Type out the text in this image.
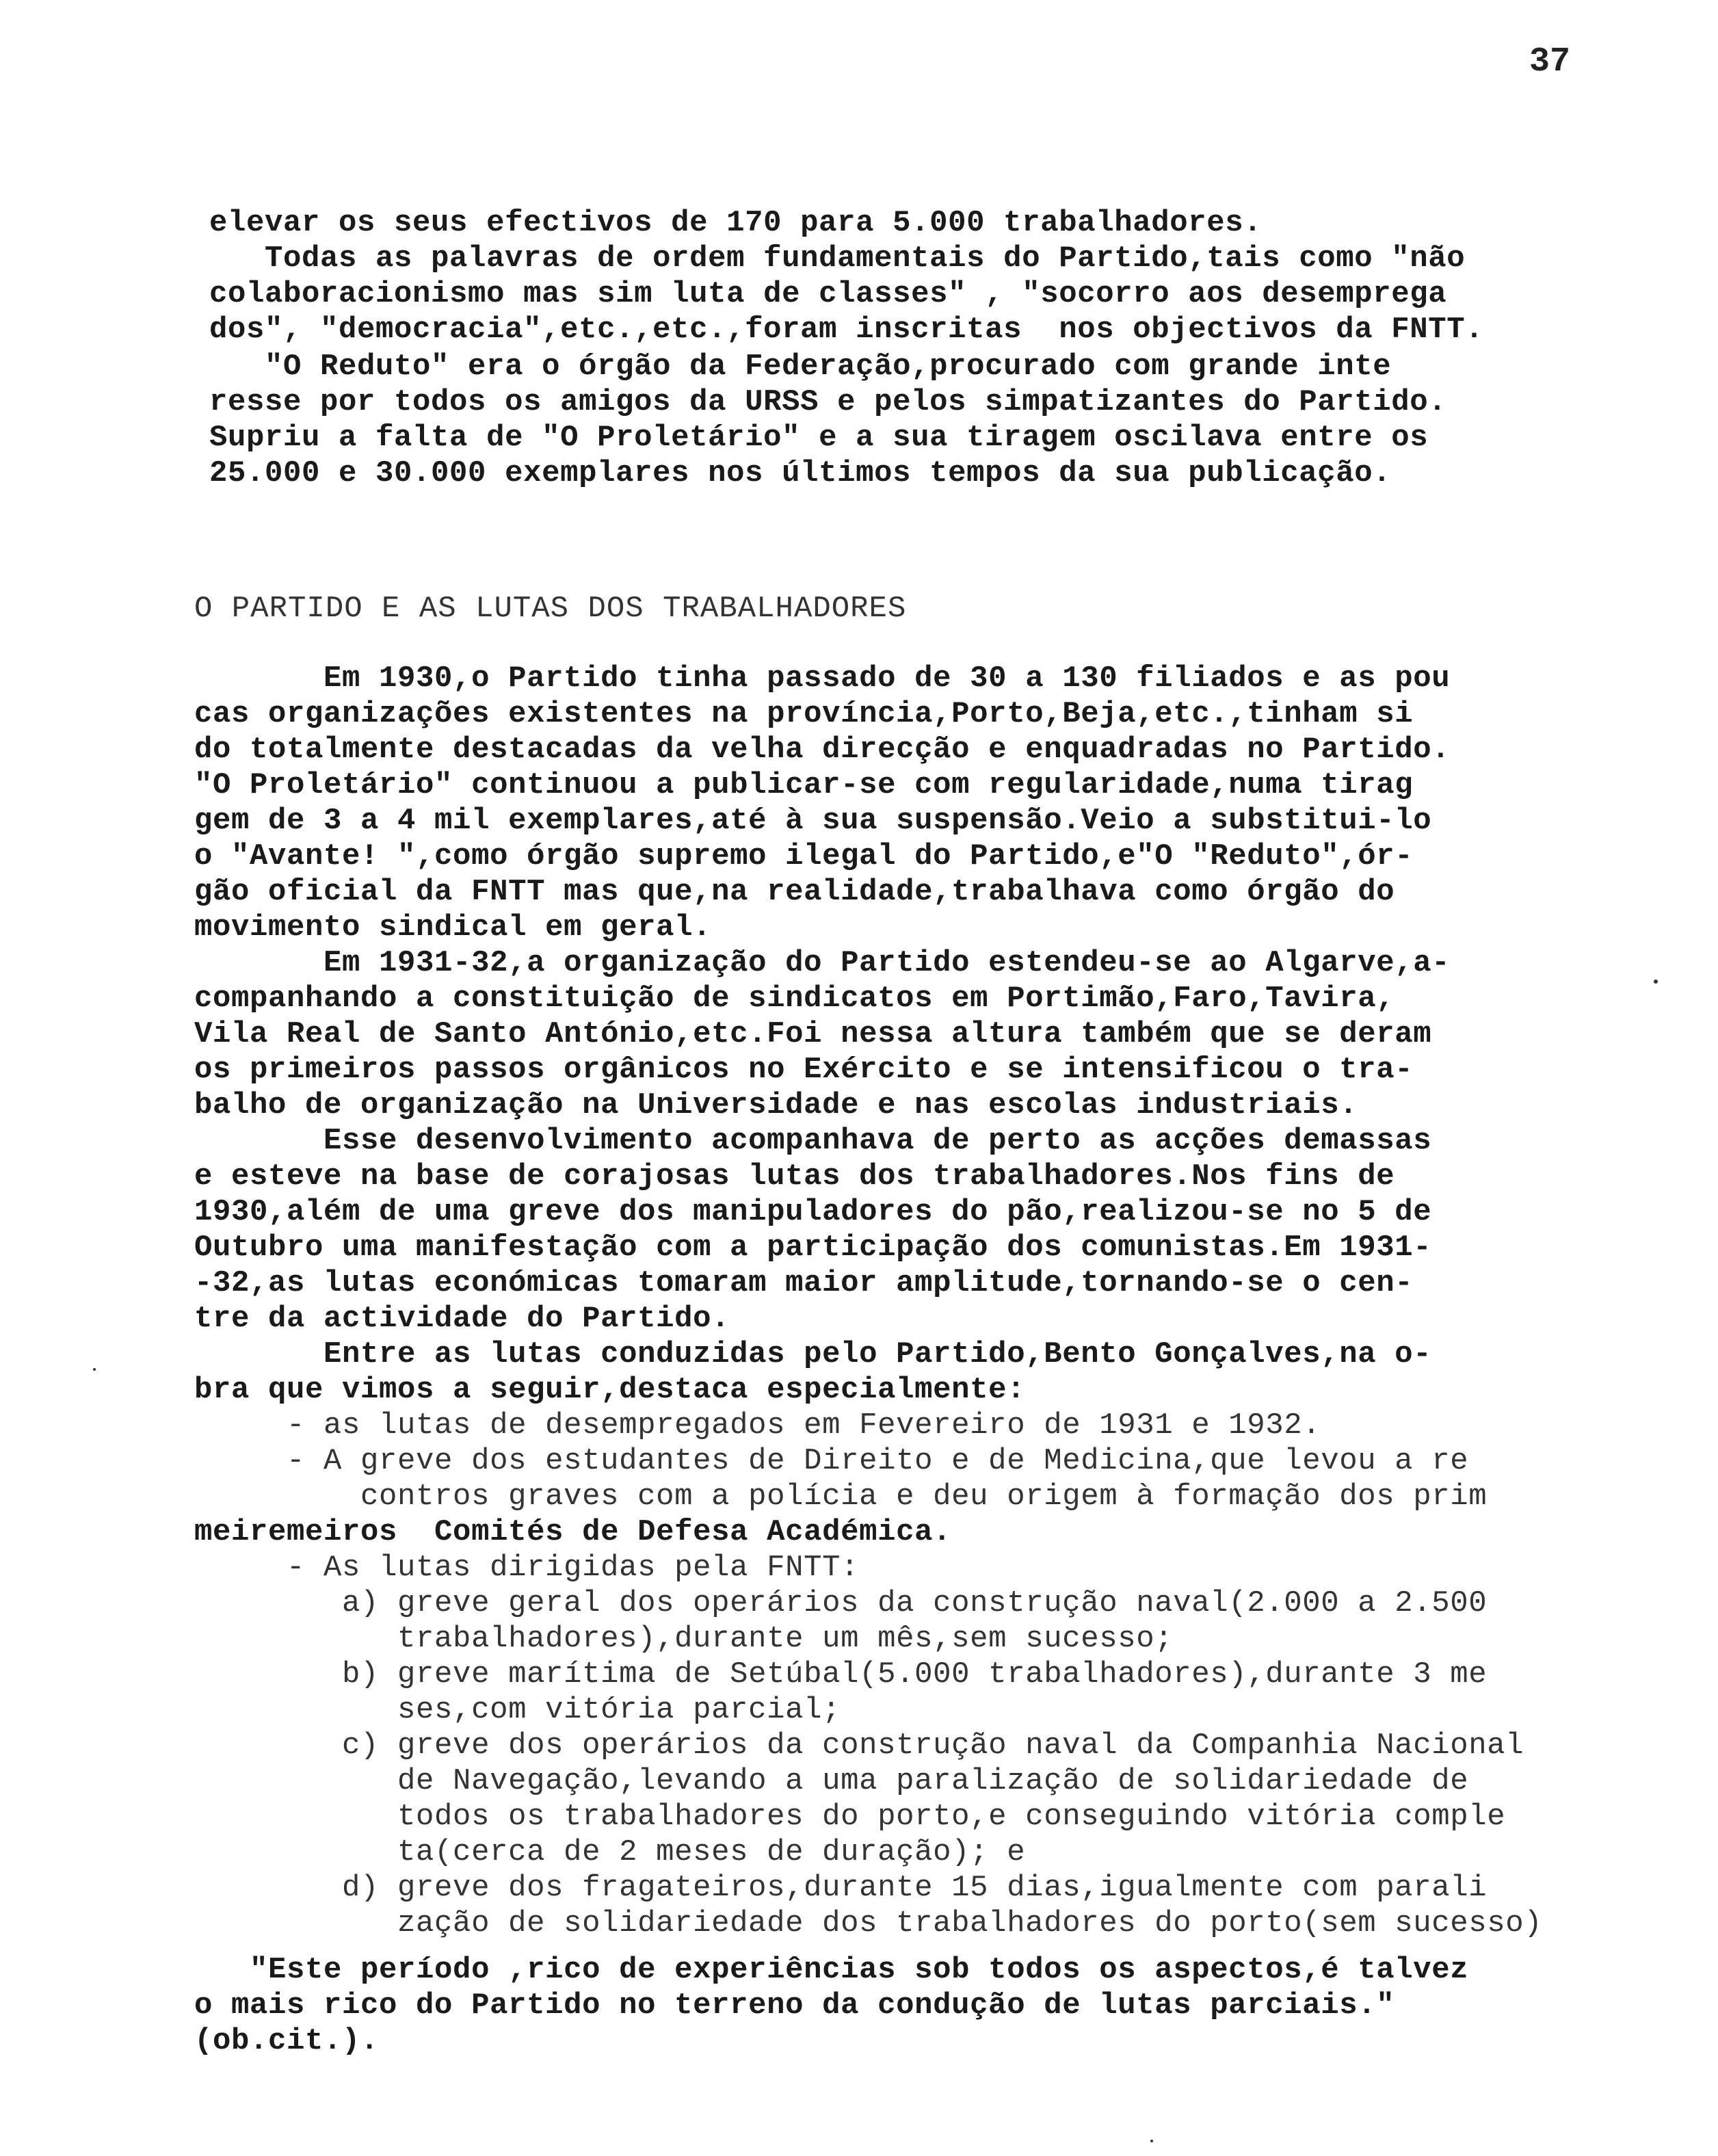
37
elevar os seus efectivos de 170 para 5.000 trabalhadores.
Todas as palavras de ordem fundamentais do Partido,tais como "não
colaboracionismo mas sim luta de classes" , "socorro aos desemprega
dos", "democracia",etc.,etc.,foram inscritas  nos objectivos da FNTT.
"O Reduto" era o órgão da Federação,procurado com grande inte
resse por todos os amigos da URSS e pelos simpatizantes do Partido.
Supriu a falta de "O Proletário" e a sua tiragem oscilava entre os
25.000 e 30.000 exemplares nos últimos tempos da sua publicação.
O PARTIDO E AS LUTAS DOS TRABALHADORES
Em 1930,o Partido tinha passado de 30 a 130 filiados e as pou
cas organizações existentes na província,Porto,Beja,etc.,tinham si
do totalmente destacadas da velha direcção e enquadradas no Partido.
"O Proletário" continuou a publicar-se com regularidade,numa tirag
gem de 3 a 4 mil exemplares,até à sua suspensão.Veio a substitui-lo
o "Avante! ",como órgão supremo ilegal do Partido,e"O "Reduto",ór-
gão oficial da FNTT mas que,na realidade,trabalhava como órgão do
movimento sindical em geral.
Em 1931-32,a organização do Partido estendeu-se ao Algarve,a-
companhando a constituição de sindicatos em Portimão,Faro,Tavira,
Vila Real de Santo António,etc.Foi nessa altura também que se deram
os primeiros passos orgânicos no Exército e se intensificou o tra-
balho de organização na Universidade e nas escolas industriais.
Esse desenvolvimento acompanhava de perto as acções demassas
e esteve na base de corajosas lutas dos trabalhadores.Nos fins de
1930,além de uma greve dos manipuladores do pão,realizou-se no 5 de
Outubro uma manifestação com a participação dos comunistas.Em 1931-
-32,as lutas económicas tomaram maior amplitude,tornando-se o cen-
tre da actividade do Partido.
Entre as lutas conduzidas pelo Partido,Bento Gonçalves,na o-
bra que vimos a seguir,destaca especialmente:
- as lutas de desempregados em Fevereiro de 1931 e 1932.
- A greve dos estudantes de Direito e de Medicina,que levou a re
contros graves com a polícia e deu origem à formação dos prim
meiremeiros  Comités de Defesa Académica.
- As lutas dirigidas pela FNTT:
a) greve geral dos operários da construção naval(2.000 a 2.500
trabalhadores),durante um mês,sem sucesso;
b) greve marítima de Setúbal(5.000 trabalhadores),durante 3 me
ses,com vitória parcial;
c) greve dos operários da construção naval da Companhia Nacional
de Navegação,levando a uma paralização de solidariedade de
todos os trabalhadores do porto,e conseguindo vitória comple
ta(cerca de 2 meses de duração); e
d) greve dos fragateiros,durante 15 dias,igualmente com parali
zação de solidariedade dos trabalhadores do porto(sem sucesso)
"Este período ,rico de experiências sob todos os aspectos,é talvez
o mais rico do Partido no terreno da condução de lutas parciais."
(ob.cit.).
